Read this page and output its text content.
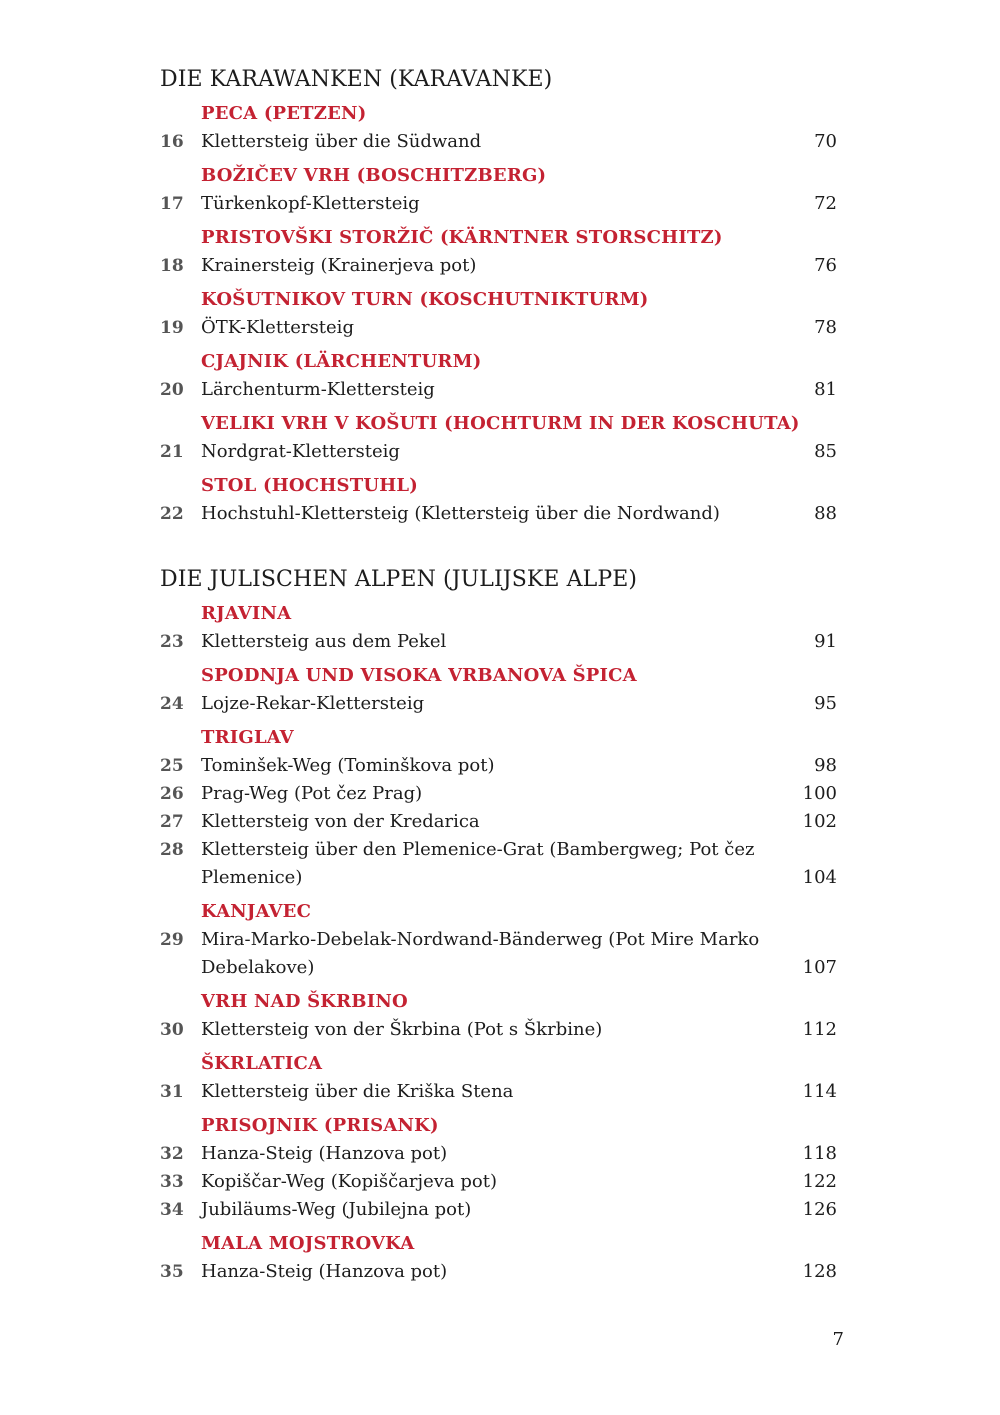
DIE KARAWANKEN (KARAVANKE)
PECA (PETZEN)
16 Klettersteig über die Südwand	70
BOŽIČEV VRH (BOSCHITZBERG)
17 Türkenkopf-Klettersteig	72
PRISTOVŠKI STORŽIČ (KÄRNTNER STORSCHITZ)
18 Krainersteig (Krainerjeva pot)	76
KOŠUTNIKOV TURN (KOSCHUTNIKTURM)
19 ÖTK-Klettersteig	78
CJAJNIK (LÄRCHENTURM)
20 Lärchenturm-Klettersteig	81
VELIKI VRH V KOŠUTI (HOCHTURM IN DER KOSCHUTA)
21 Nordgrat-Klettersteig	85
STOL (HOCHSTUHL)
22 Hochstuhl-Klettersteig (Klettersteig über die Nordwand)	88
DIE JULISCHEN ALPEN (JULIJSKE ALPE)
RJAVINA
23 Klettersteig aus dem Pekel	91
SPODNJA UND VISOKA VRBANOVA ŠPICA
24 Lojze-Rekar-Klettersteig	95
TRIGLAV
25 Tominšek-Weg (Tominškova pot)	98
26 Prag-Weg (Pot čez Prag)	100
27 Klettersteig von der Kredarica	102
28 Klettersteig über den Plemenice-Grat (Bambergweg; Pot čez Plemenice)	104
KANJAVEC
29 Mira-Marko-Debelak-Nordwand-Bänderweg (Pot Mire Marko Debelakove)	107
VRH NAD ŠKRBINO
30 Klettersteig von der Škrbina (Pot s Škrbine)	112
ŠKRLATICA
31 Klettersteig über die Kriška Stena	114
PRISOJNIK (PRISANK)
32 Hanza-Steig (Hanzova pot)	118
33 Kopiščar-Weg (Kopiščarjeva pot)	122
34 Jubiläums-Weg (Jubilejna pot)	126
MALA MOJSTROVKA
35 Hanza-Steig (Hanzova pot)	128
7
